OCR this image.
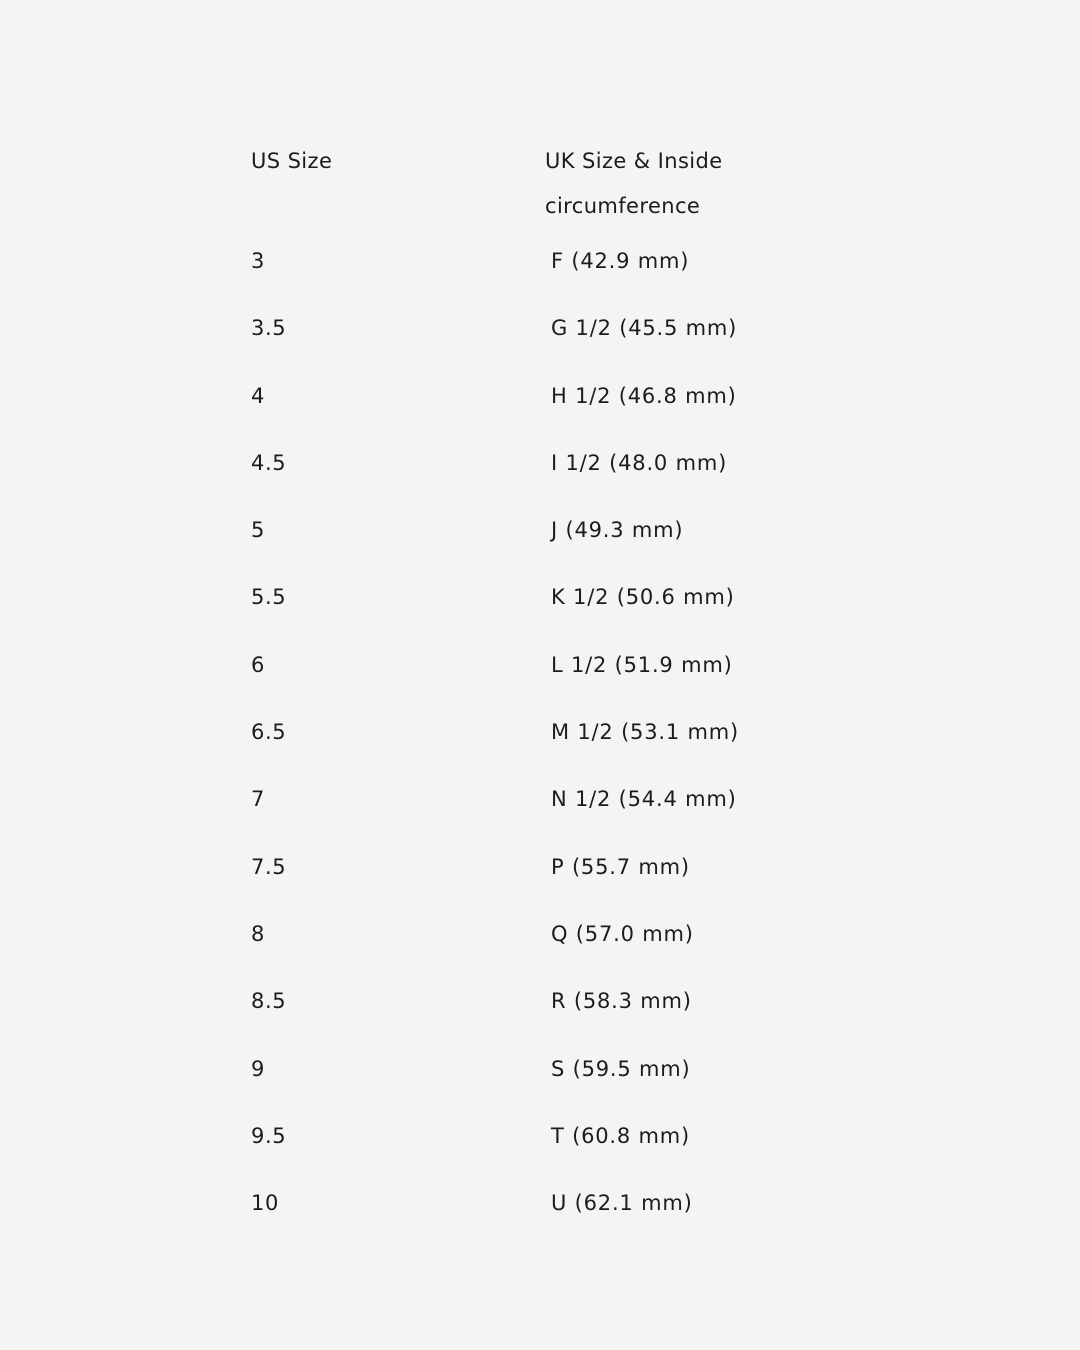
US Size	UK Size & Inside
circumference
3	F (42.9 mm)
3.5	G 1/2 (45.5 mm)
4	H 1/2 (46.8 mm)
4.5	I 1/2 (48.0 mm)
5	J (49.3 mm)
5.5	K 1/2 (50.6 mm)
6	L 1/2 (51.9 mm)
6.5	M 1/2 (53.1 mm)
7	N 1/2 (54.4 mm)
7.5	P (55.7 mm)
8	Q (57.0 mm)
8.5	R (58.3 mm)
9	S (59.5 mm)
9.5	T (60.8 mm)
10	U (62.1 mm)
